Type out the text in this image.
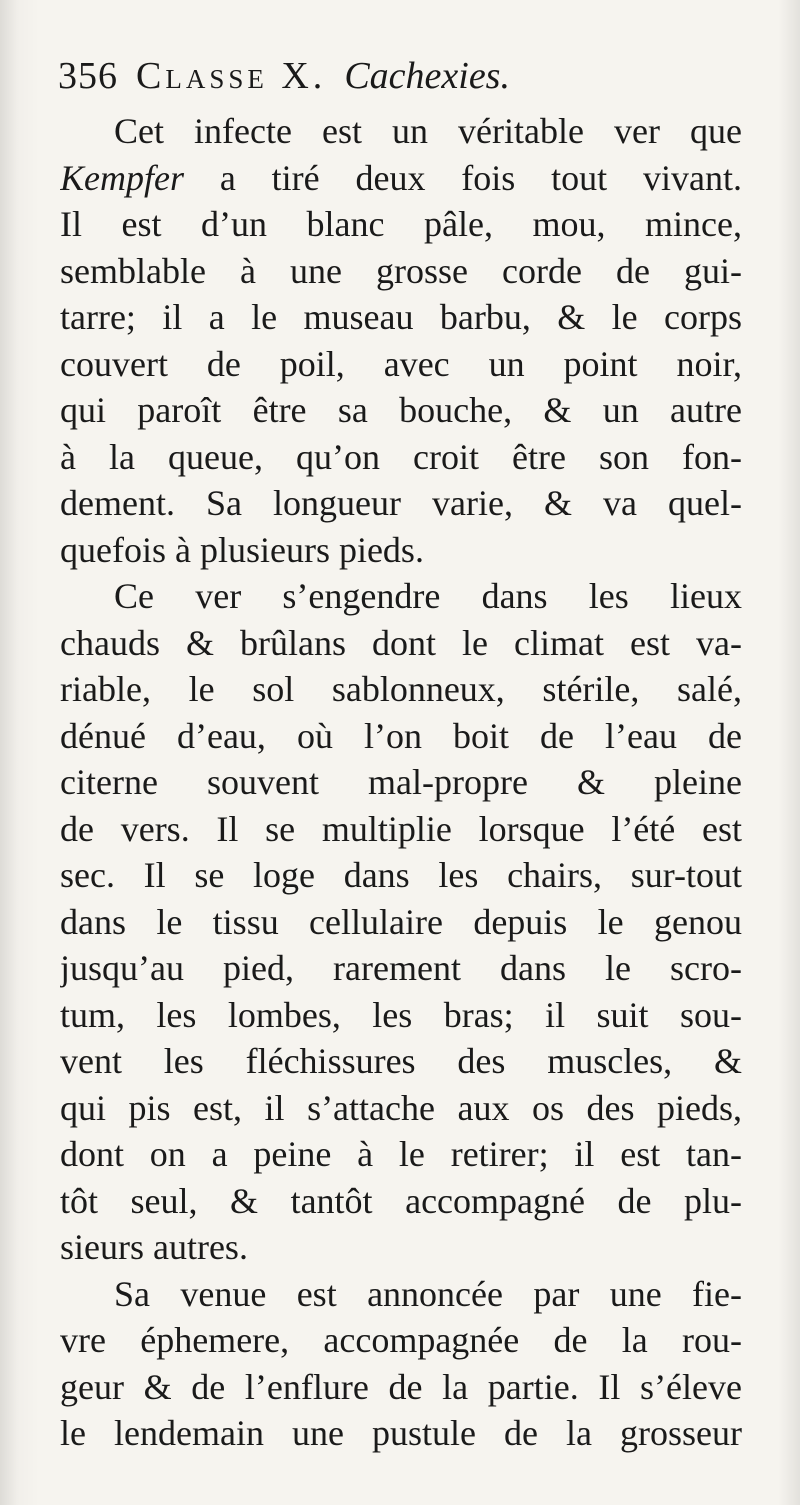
356 Classe X. Cachexies.
Cet infecte est un véritable ver que
Kempfer a tiré deux fois tout vivant.
Il est d’un blanc pâle, mou, mince,
semblable à une grosse corde de gui-
tarre; il a le museau barbu, & le corps
couvert de poil, avec un point noir,
qui paroît être sa bouche, & un autre
à la queue, qu’on croit être son fon-
dement. Sa longueur varie, & va quel-
quefois à plusieurs pieds.
Ce ver s’engendre dans les lieux
chauds & brûlans dont le climat est va-
riable, le sol sablonneux, stérile, salé,
dénué d’eau, où l’on boit de l’eau de
citerne souvent mal-propre & pleine
de vers. Il se multiplie lorsque l’été est
sec. Il se loge dans les chairs, sur-tout
dans le tissu cellulaire depuis le genou
jusqu’au pied, rarement dans le scro-
tum, les lombes, les bras; il suit sou-
vent les fléchissures des muscles, &
qui pis est, il s’attache aux os des pieds,
dont on a peine à le retirer; il est tan-
tôt seul, & tantôt accompagné de plu-
sieurs autres.
Sa venue est annoncée par une fie-
vre éphemere, accompagnée de la rou-
geur & de l’enflure de la partie. Il s’éleve
le lendemain une pustule de la grosseur
